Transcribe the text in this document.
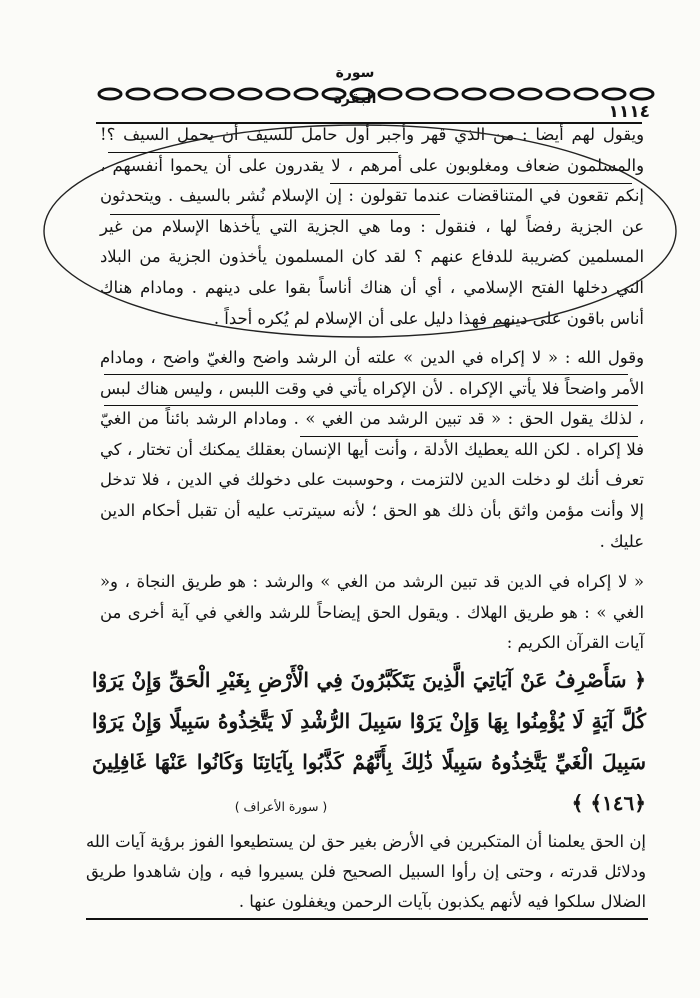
سورة البقرة
١١١٤

ويقول لهم أيضا : من الذي قهر وأجبر أول حامل للسيف أن يحمل السيف ؟! والمسلمون ضعاف ومغلوبون على أمرهم ، لا يقدرون على أن يحموا أنفسهم ، إنكم تقعون في المتناقضات عندما تقولون : إن الإسلام نُشر بالسيف . ويتحدثون عن الجزية رفضاً لها ، فنقول : وما هي الجزية التي يأخذها الإسلام من غير المسلمين كضريبة للدفاع عنهم ؟ لقد كان المسلمون يأخذون الجزية من البلاد التي دخلها الفتح الإسلامي ، أي أن هناك أناساً بقوا على دينهم . ومادام هناك أناس باقون على دينهم فهذا دليل على أن الإسلام لم يُكره أحداً .

وقول الله : « لا إكراه في الدين » علته أن الرشد واضح والغيّ واضح ، ومادام الأمر واضحاً فلا يأتي الإكراه . لأن الإكراه يأتي في وقت اللبس ، وليس هناك لبس ، لذلك يقول الحق : « قد تبين الرشد من الغي » . ومادام الرشد بائناً من الغيّ فلا إكراه . لكن الله يعطيك الأدلة ، وأنت أيها الإنسان بعقلك يمكنك أن تختار ، كي تعرف أنك لو دخلت الدين لالتزمت ، وحوسبت على دخولك في الدين ، فلا تدخل إلا وأنت مؤمن واثق بأن ذلك هو الحق ؛ لأنه سيترتب عليه أن تقبل أحكام الدين عليك .

« لا إكراه في الدين قد تبين الرشد من الغي » والرشد : هو طريق النجاة ، و« الغي » : هو طريق الهلاك . ويقول الحق إيضاحاً للرشد والغي في آية أخرى من آيات القرآن الكريم :

﴿ سَأَصْرِفُ عَنْ آيَاتِيَ الَّذِينَ يَتَكَبَّرُونَ فِي الْأَرْضِ بِغَيْرِ الْحَقِّ وَإِنْ يَرَوْا كُلَّ آيَةٍ لَا يُؤْمِنُوا بِهَا وَإِنْ يَرَوْا سَبِيلَ الرُّشْدِ لَا يَتَّخِذُوهُ سَبِيلًا وَإِنْ يَرَوْا سَبِيلَ الْغَيِّ يَتَّخِذُوهُ سَبِيلًا ذَٰلِكَ بِأَنَّهُمْ كَذَّبُوا بِآيَاتِنَا وَكَانُوا عَنْهَا غَافِلِينَ ﴿١٤٦﴾ ﴾

( سورة الأعراف )

إن الحق يعلمنا أن المتكبرين في الأرض بغير حق لن يستطيعوا الفوز برؤية آيات الله ودلائل قدرته ، وحتى إن رأوا السبيل الصحيح فلن يسيروا فيه ، وإن شاهدوا طريق الضلال سلكوا فيه لأنهم يكذبون بآيات الرحمن ويغفلون عنها .
